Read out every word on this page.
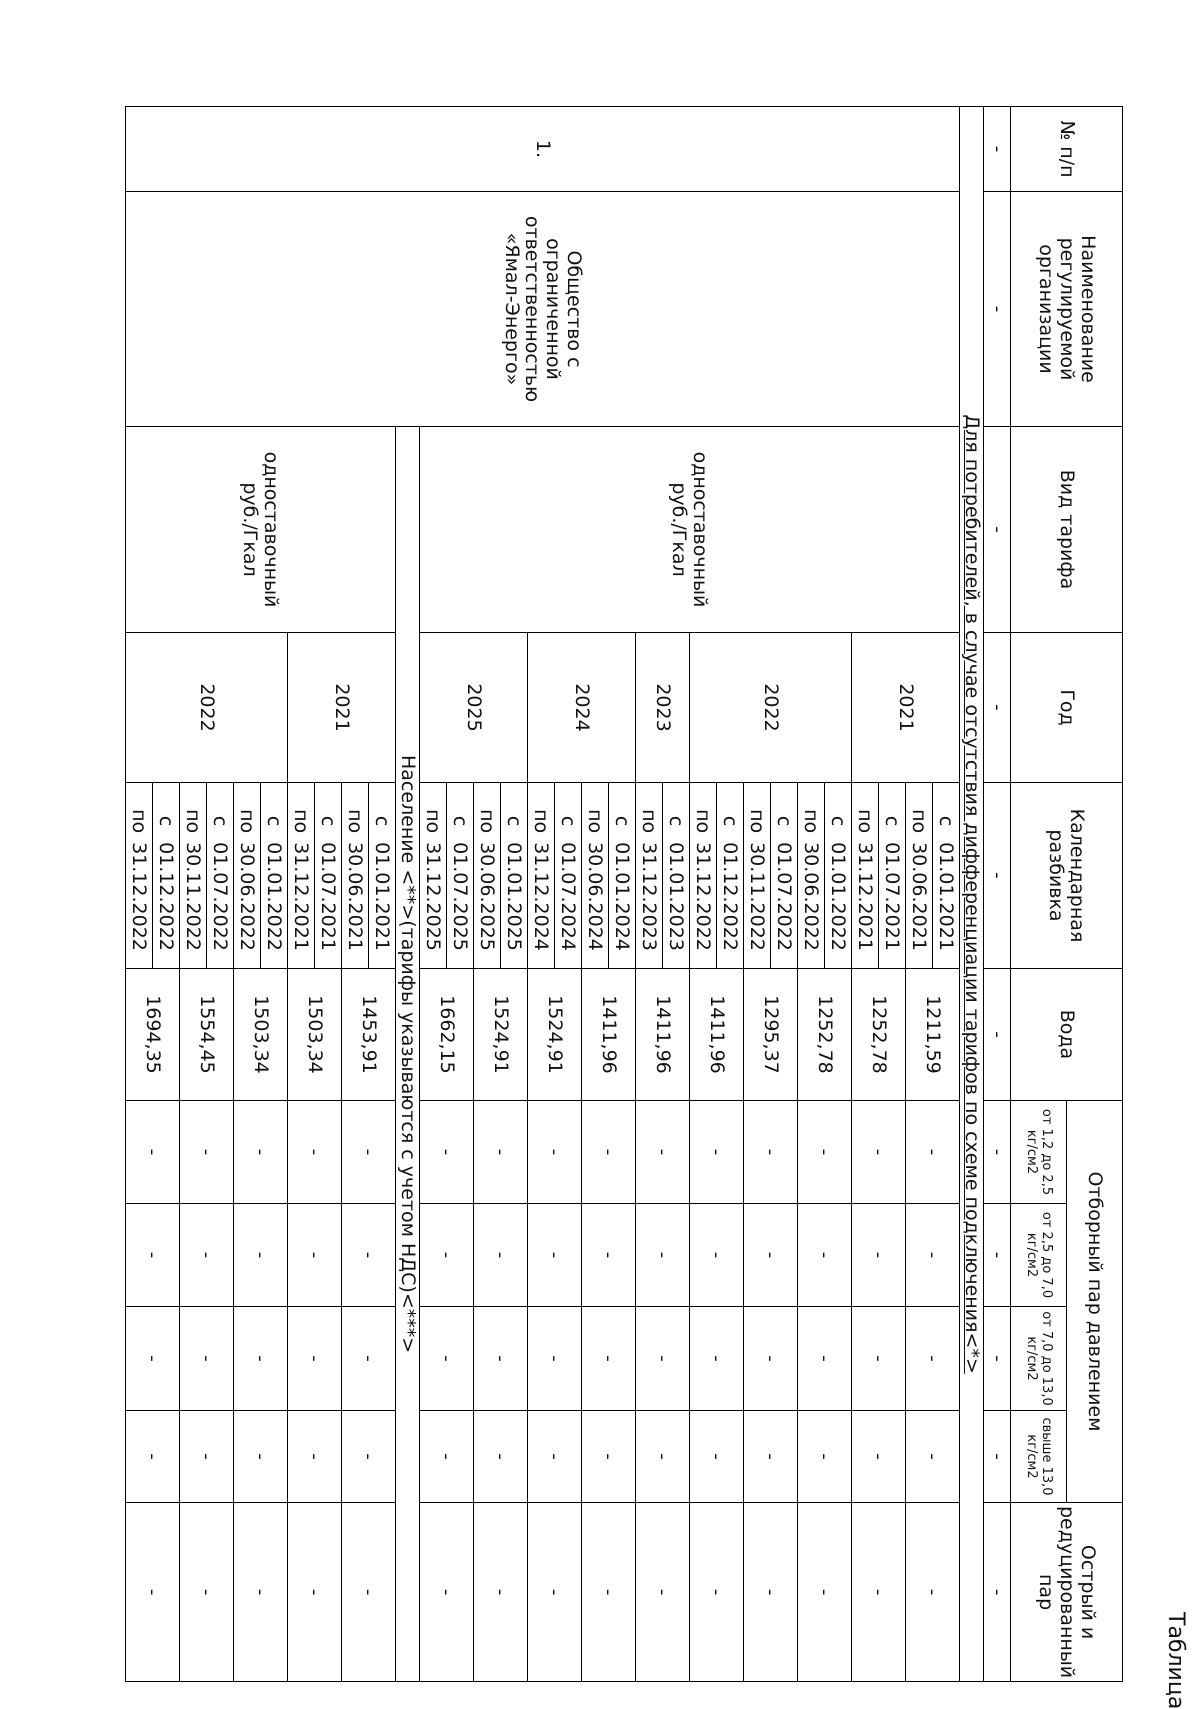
Таблица
№ п/п	Наименование регулируемой организации	Вид тарифа	Год	Календарная разбивка	Вода	Отборный пар давлением				Острый и редуцированный пар
						от 1,2 до 2,5 кг/см2	от 2,5 до 7,0 кг/см2	от 7,0 до 13,0 кг/см2	свыше 13,0 кг/см2	
-	-	-	-	-	-	-	-	-	-	-
Для потребителей, в случае отсутствия дифференциации тарифов по схеме подключения<*>										
1.	Общество с ограниченной ответственностью «Ямал-Энерго»	одноставочный руб./Гкал	2021	с01.01.2021	1211,59	-	-	-	-	-
				по30.06.2021						
				с01.07.2021	1252,78	-	-	-	-	-
				по31.12.2021						
			2022	с01.01.2022	1252,78	-	-	-	-	-
				по30.06.2022						
				с01.07.2022	1295,37	-	-	-	-	-
				по30.11.2022						
				с01.12.2022	1411,96	-	-	-	-	-
				по31.12.2022						
			2023	с01.01.2023	1411,96	-	-	-	-	-
				по31.12.2023						
			2024	с01.01.2024	1411,96	-	-	-	-	-
				по30.06.2024						
				с01.07.2024	1524,91	-	-	-	-	-
				по31.12.2024						
			2025	с01.01.2025	1524,91	-	-	-	-	-
				по30.06.2025						
				с01.07.2025	1662,15	-	-	-	-	-
				по31.12.2025						
		Население <**>(тарифы указываются с учетом НДС)<***>								
		одноставочный руб./Гкал	2021	с01.01.2021	1453,91	-	-	-	-	-
				по30.06.2021						
				с01.07.2021	1503,34	-	-	-	-	-
				по31.12.2021						
			2022	с01.01.2022	1503,34	-	-	-	-	-
				по30.06.2022						
				с01.07.2022	1554,45	-	-	-	-	-
				по30.11.2022						
				с01.12.2022	1694,35	-	-	-	-	-
				по31.12.2022						
